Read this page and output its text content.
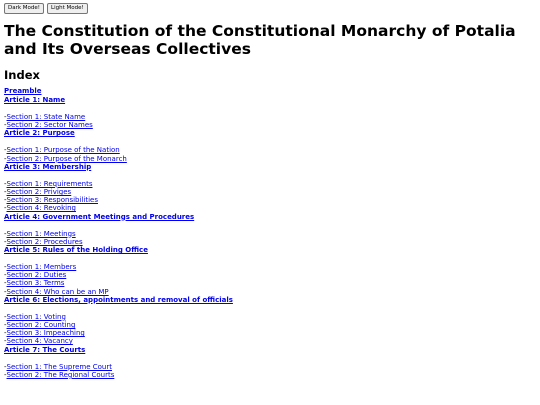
Dark Mode!	Light Mode!
The Constitution of the Constitutional Monarchy of Potalia and Its Overseas Collectives
Index
Preamble
Article 1: Name
-Section 1: State Name
-Section 2: Sector Names
Article 2: Purpose
-Section 1: Purpose of the Nation
-Section 2: Purpose of the Monarch
Article 3: Membership
-Section 1: Requirements
-Section 2: Priviges
-Section 3: Responsibilities
-Section 4: Revoking
Article 4: Government Meetings and Procedures
-Section 1: Meetings
-Section 2: Procedures
Article 5: Rules of the Holding Office
-Section 1: Members
-Section 2: Duties
-Section 3: Terms
-Section 4: Who can be an MP
Article 6: Elections, appointments and removal of officials
-Section 1: Voting
-Section 2: Counting
-Section 3: Impeaching
-Section 4: Vacancy
Article 7: The Courts
-Section 1: The Supreme Court
-Section 2: The Regional Courts
